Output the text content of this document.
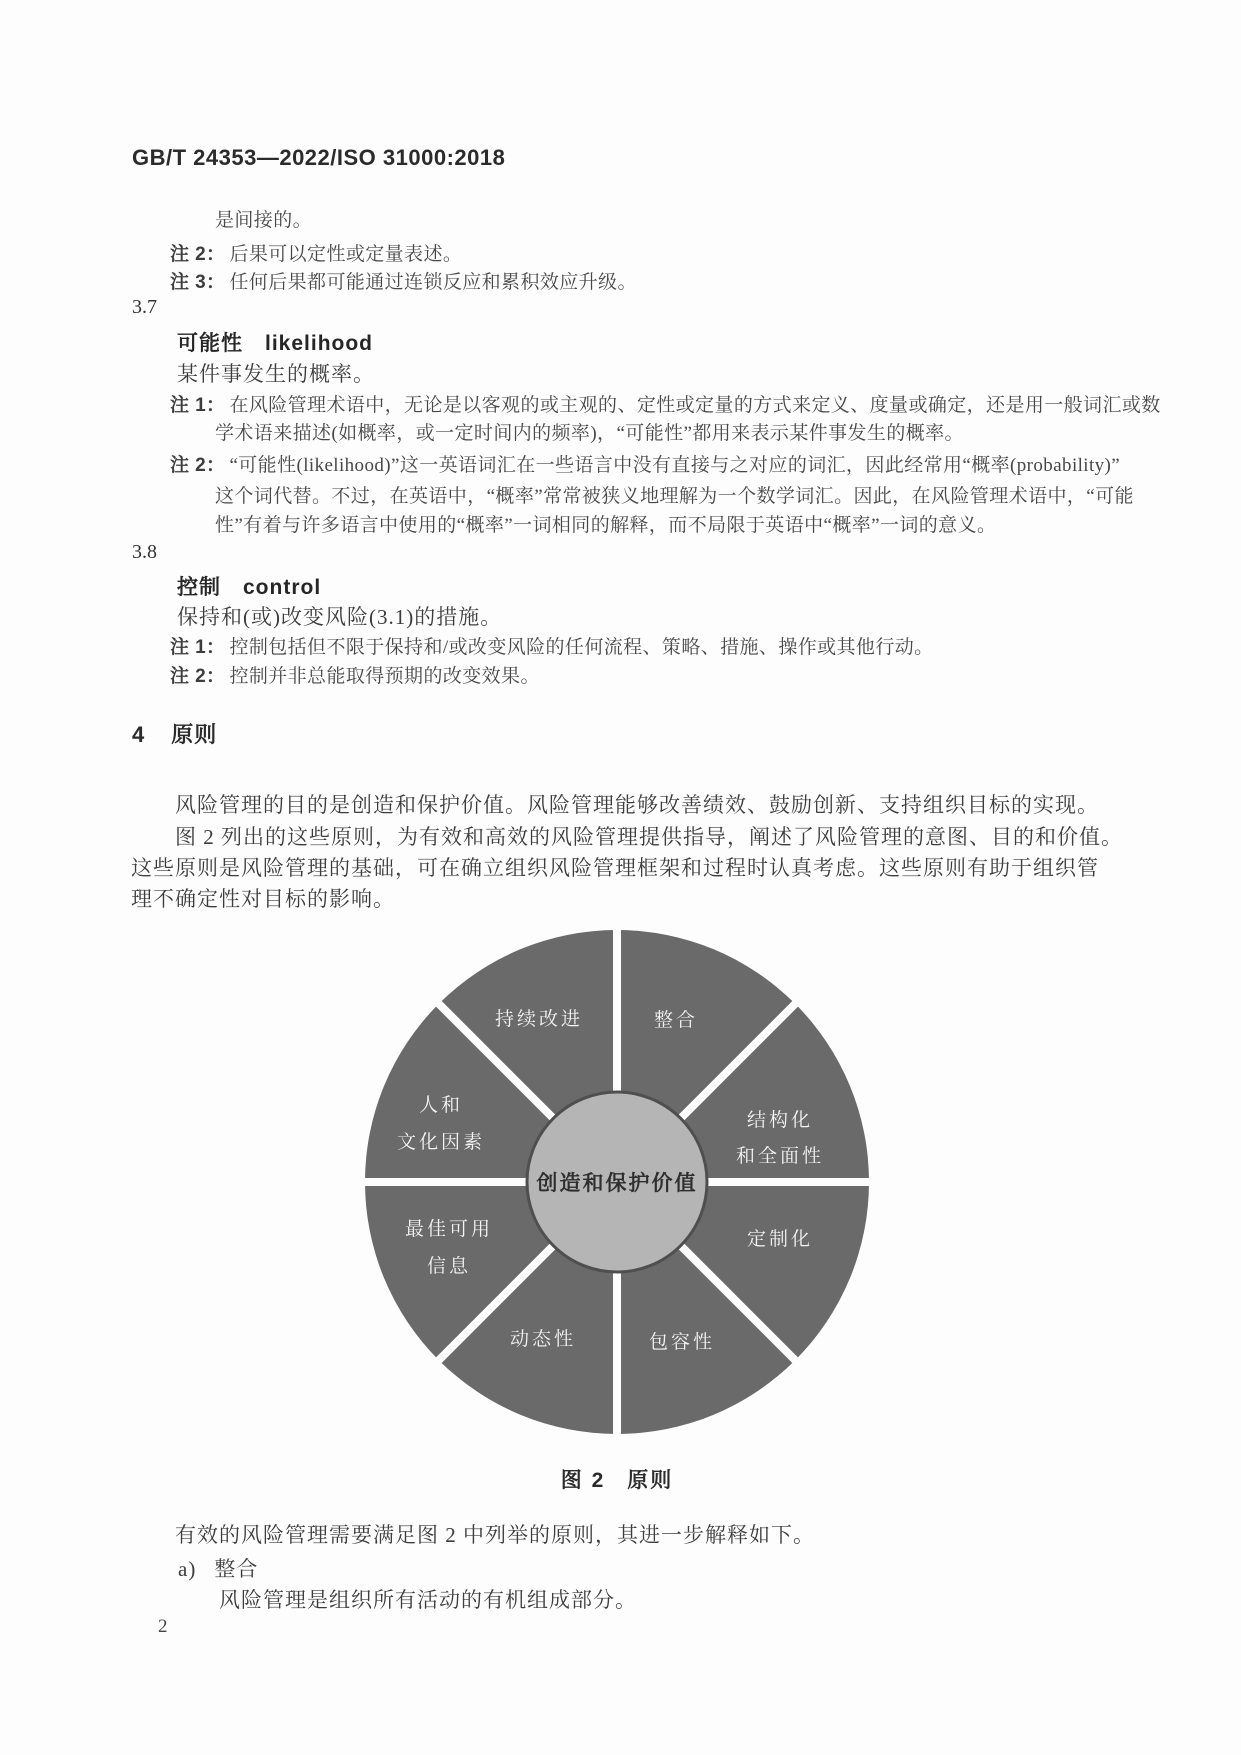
GB/T 24353—2022/ISO 31000:2018
是间接的。
注 2： 后果可以定性或定量表述。
注 3： 任何后果都可能通过连锁反应和累积效应升级。
3.7
可能性 likelihood
某件事发生的概率。
注 1： 在风险管理术语中，无论是以客观的或主观的、定性或定量的方式来定义、度量或确定，还是用一般词汇或数
学术语来描述(如概率，或一定时间内的频率)，“可能性”都用来表示某件事发生的概率。
注 2： “可能性(likelihood)”这一英语词汇在一些语言中没有直接与之对应的词汇，因此经常用“概率(probability)”
这个词代替。不过，在英语中，“概率”常常被狭义地理解为一个数学词汇。因此，在风险管理术语中，“可能
性”有着与许多语言中使用的“概率”一词相同的解释，而不局限于英语中“概率”一词的意义。
3.8
控制 control
保持和(或)改变风险(3.1)的措施。
注 1： 控制包括但不限于保持和/或改变风险的任何流程、策略、措施、操作或其他行动。
注 2： 控制并非总能取得预期的改变效果。
4 原则
风险管理的目的是创造和保护价值。风险管理能够改善绩效、鼓励创新、支持组织目标的实现。
图 2 列出的这些原则，为有效和高效的风险管理提供指导，阐述了风险管理的意图、目的和价值。
这些原则是风险管理的基础，可在确立组织风险管理框架和过程时认真考虑。这些原则有助于组织管
理不确定性对目标的影响。
整合
结构化
和全面性
定制化
包容性
动态性
最佳可用
信息
人和
文化因素
持续改进
创造和保护价值
图 2 原则
有效的风险管理需要满足图 2 中列举的原则，其进一步解释如下。
a) 整合
风险管理是组织所有活动的有机组成部分。
2
